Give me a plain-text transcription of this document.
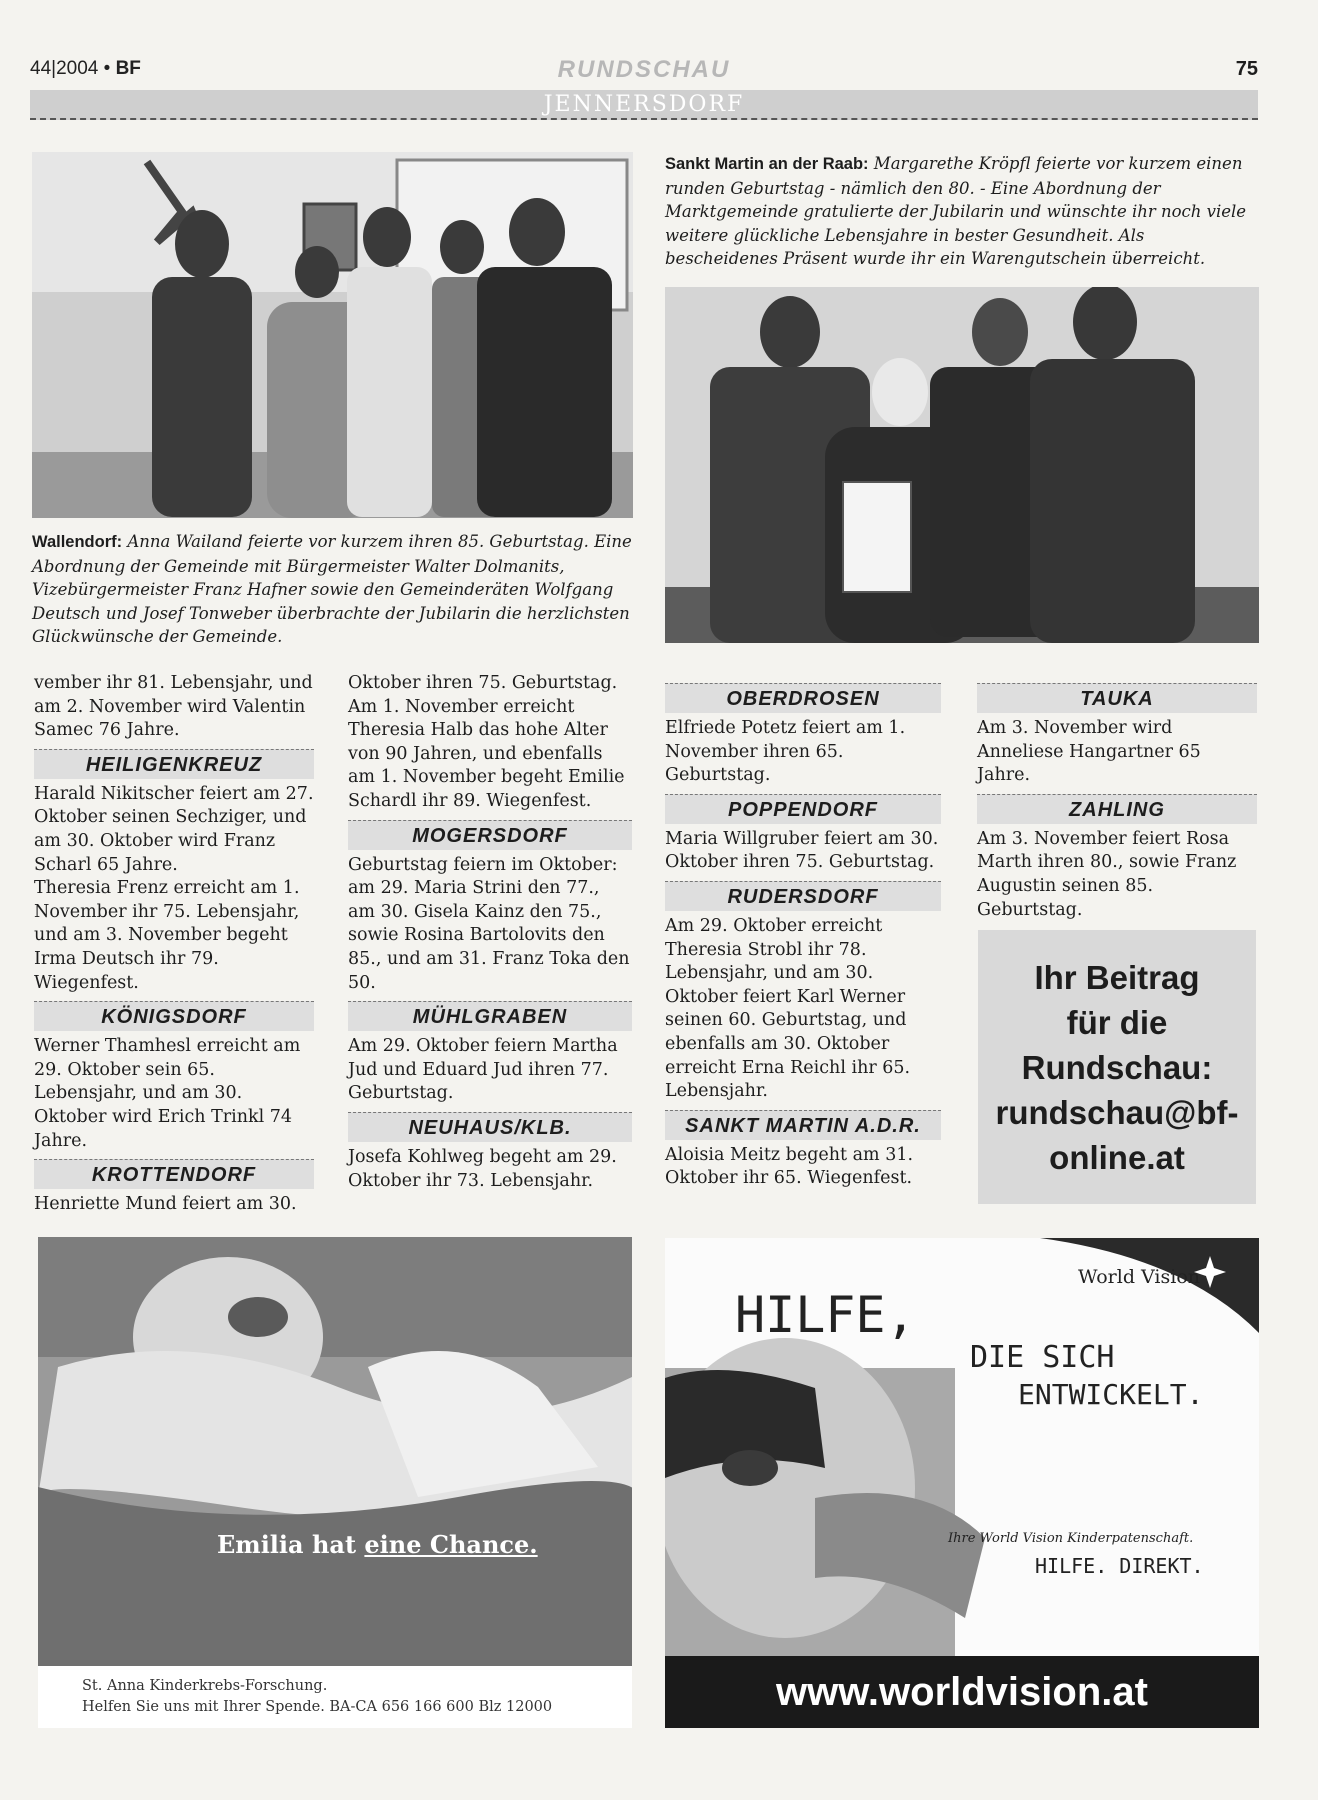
44|2004 • BF	RUNDSCHAU	75
JENNERSDORF
Wallendorf: Anna Wailand feierte vor kurzem ihren 85. Geburtstag. Eine Abordnung der Gemeinde mit Bürgermeister Walter Dolmanits, Vizebürgermeister Franz Hafner sowie den Gemeinderäten Wolfgang Deutsch und Josef Tonweber überbrachte der Jubilarin die herzlichsten Glückwünsche der Gemeinde.
Sankt Martin an der Raab: Margarethe Kröpfl feierte vor kurzem einen runden Geburtstag - nämlich den 80. - Eine Abordnung der Marktgemeinde gratulierte der Jubilarin und wünschte ihr noch viele weitere glückliche Lebensjahre in bester Gesundheit. Als bescheidenes Präsent wurde ihr ein Warengutschein überreicht.

vember ihr 81. Lebensjahr, und am 2. November wird Valentin Samec 76 Jahre.

HEILIGENKREUZ

Harald Nikitscher feiert am 27. Oktober seinen Sechziger, und am 30. Oktober wird Franz Scharl 65 Jahre.

Theresia Frenz erreicht am 1. November ihr 75. Lebensjahr, und am 3. November begeht Irma Deutsch ihr 79. Wiegenfest.

KÖNIGSDORF

Werner Thamhesl erreicht am 29. Oktober sein 65. Lebensjahr, und am 30. Oktober wird Erich Trinkl 74 Jahre.

KROTTENDORF

Henriette Mund feiert am 30.

Oktober ihren 75. Geburtstag. Am 1. November erreicht Theresia Halb das hohe Alter von 90 Jahren, und ebenfalls am 1. November begeht Emilie Schardl ihr 89. Wiegenfest.

MOGERSDORF

Geburtstag feiern im Oktober: am 29. Maria Strini den 77., am 30. Gisela Kainz den 75., sowie Rosina Bartolovits den 85., und am 31. Franz Toka den 50.

MÜHLGRABEN

Am 29. Oktober feiern Martha Jud und Eduard Jud ihren 77. Geburtstag.

NEUHAUS/KLB.

Josefa Kohlweg begeht am 29. Oktober ihr 73. Lebensjahr.

OBERDROSEN

Elfriede Potetz feiert am 1. November ihren 65. Geburtstag.

POPPENDORF

Maria Willgruber feiert am 30. Oktober ihren 75. Geburtstag.

RUDERSDORF

Am 29. Oktober erreicht Theresia Strobl ihr 78. Lebensjahr, und am 30. Oktober feiert Karl Werner seinen 60. Geburtstag, und ebenfalls am 30. Oktober erreicht Erna Reichl ihr 65. Lebensjahr.

SANKT MARTIN A.D.R.

Aloisia Meitz begeht am 31. Oktober ihr 65. Wiegenfest.

TAUKA

Am 3. November wird Anneliese Hangartner 65 Jahre.

ZAHLING

Am 3. November feiert Rosa Marth ihren 80., sowie Franz Augustin seinen 85. Geburtstag.

Ihr Beitrag
für die
Rundschau:
rundschau@bf-
online.at
Emilia hat eine Chance.
St. Anna Kinderkrebs-Forschung.
Helfen Sie uns mit Ihrer Spende. BA-CA 656 166 600 Blz 12000
World Vision
HILFE,
DIE SICH
ENTWICKELT.
Ihre World Vision Kinderpatenschaft.
HILFE. DIREKT.
www.worldvision.at
